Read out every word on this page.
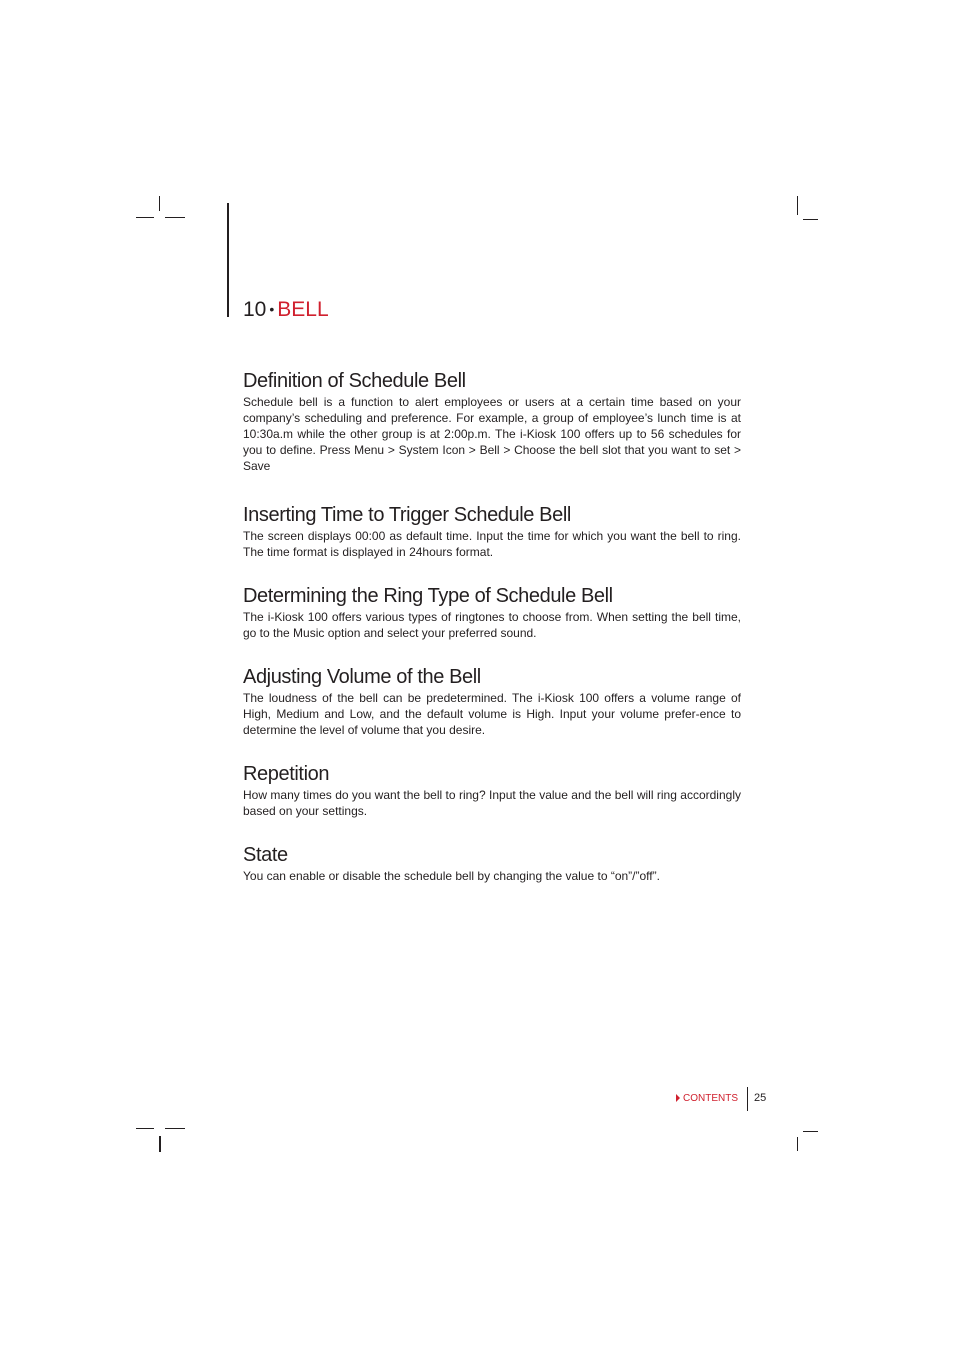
10 • BELL
Definition of Schedule Bell

Schedule bell is a function to alert employees or users at a certain time based on your company’s scheduling and preference. For example, a group of employee’s lunch time is at 10:30a.m while the other group is at 2:00p.m. The i-Kiosk 100 offers up to 56 schedules for you to define. Press Menu > System Icon > Bell > Choose the bell slot that you want to set > Save

Inserting Time to Trigger Schedule Bell

The screen displays 00:00 as default time. Input the time for which you want the bell to ring. The time format is displayed in 24hours format.

Determining the Ring Type of Schedule Bell

The i-Kiosk 100 offers various types of ringtones to choose from. When setting the bell time, go to the Music option and select your preferred sound.

Adjusting Volume of the Bell

The loudness of the bell can be predetermined. The i-Kiosk 100 offers a volume range of High, Medium and Low, and the default volume is High. Input your volume prefer-ence to determine the level of volume that you desire.

Repetition

How many times do you want the bell to ring? Input the value and the bell will ring accordingly based on your settings.

State

You can enable or disable the schedule bell by changing the value to “on”/”off”.

CONTENTS 25
